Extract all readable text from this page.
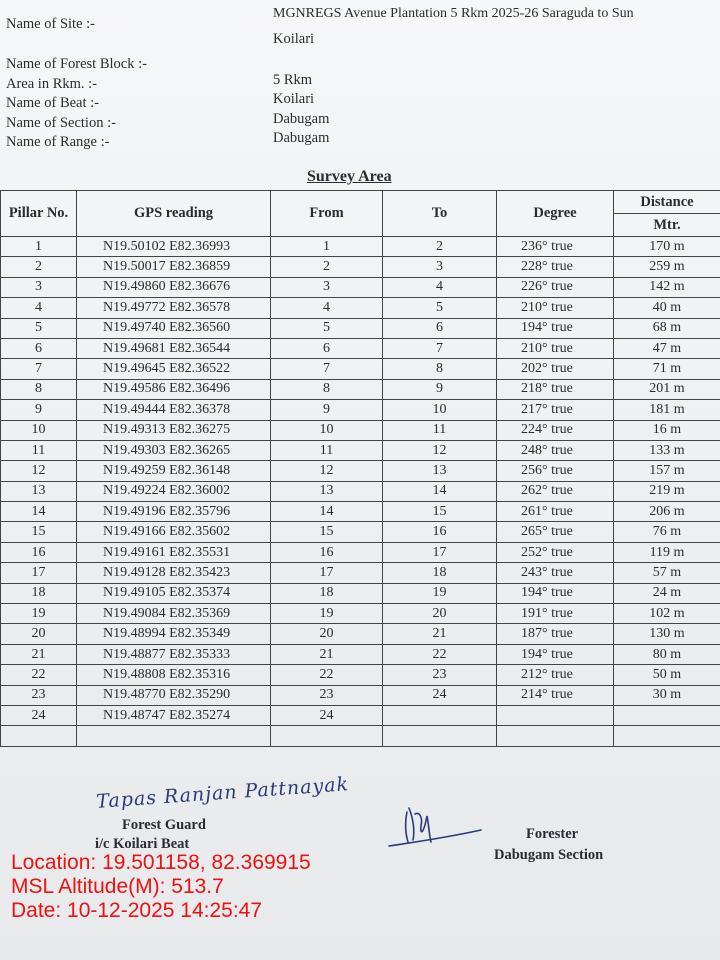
Name of Site :-
MGNREGS Avenue Plantation 5 Rkm 2025-26 Saraguda to Sun
Koilari
Name of Forest Block :-
Area in Rkm. :-	5 Rkm
Name of Beat :-	Koilari
Name of Section :-	Dabugam
Name of Range :-	Dabugam
Survey Area
Pillar No.	GPS reading	From	To	Degree	Distance
					Mtr.
1	N19.50102 E82.36993	1	2	236° true	170 m
2	N19.50017 E82.36859	2	3	228° true	259 m
3	N19.49860 E82.36676	3	4	226° true	142 m
4	N19.49772 E82.36578	4	5	210° true	40 m
5	N19.49740 E82.36560	5	6	194° true	68 m
6	N19.49681 E82.36544	6	7	210° true	47 m
7	N19.49645 E82.36522	7	8	202° true	71 m
8	N19.49586 E82.36496	8	9	218° true	201 m
9	N19.49444 E82.36378	9	10	217° true	181 m
10	N19.49313 E82.36275	10	11	224° true	16 m
11	N19.49303 E82.36265	11	12	248° true	133 m
12	N19.49259 E82.36148	12	13	256° true	157 m
13	N19.49224 E82.36002	13	14	262° true	219 m
14	N19.49196 E82.35796	14	15	261° true	206 m
15	N19.49166 E82.35602	15	16	265° true	76 m
16	N19.49161 E82.35531	16	17	252° true	119 m
17	N19.49128 E82.35423	17	18	243° true	57 m
18	N19.49105 E82.35374	18	19	194° true	24 m
19	N19.49084 E82.35369	19	20	191° true	102 m
20	N19.48994 E82.35349	20	21	187° true	130 m
21	N19.48877 E82.35333	21	22	194° true	80 m
22	N19.48808 E82.35316	22	23	212° true	50 m
23	N19.48770 E82.35290	23	24	214° true	30 m
24	N19.48747 E82.35274	24			

Tapas Ranjan Pattnayak
Forest Guard
i/c Koilari Beat
Forester
Dabugam Section
Location: 19.501158, 82.369915
MSL Altitude(M): 513.7
Date: 10-12-2025 14:25:47
